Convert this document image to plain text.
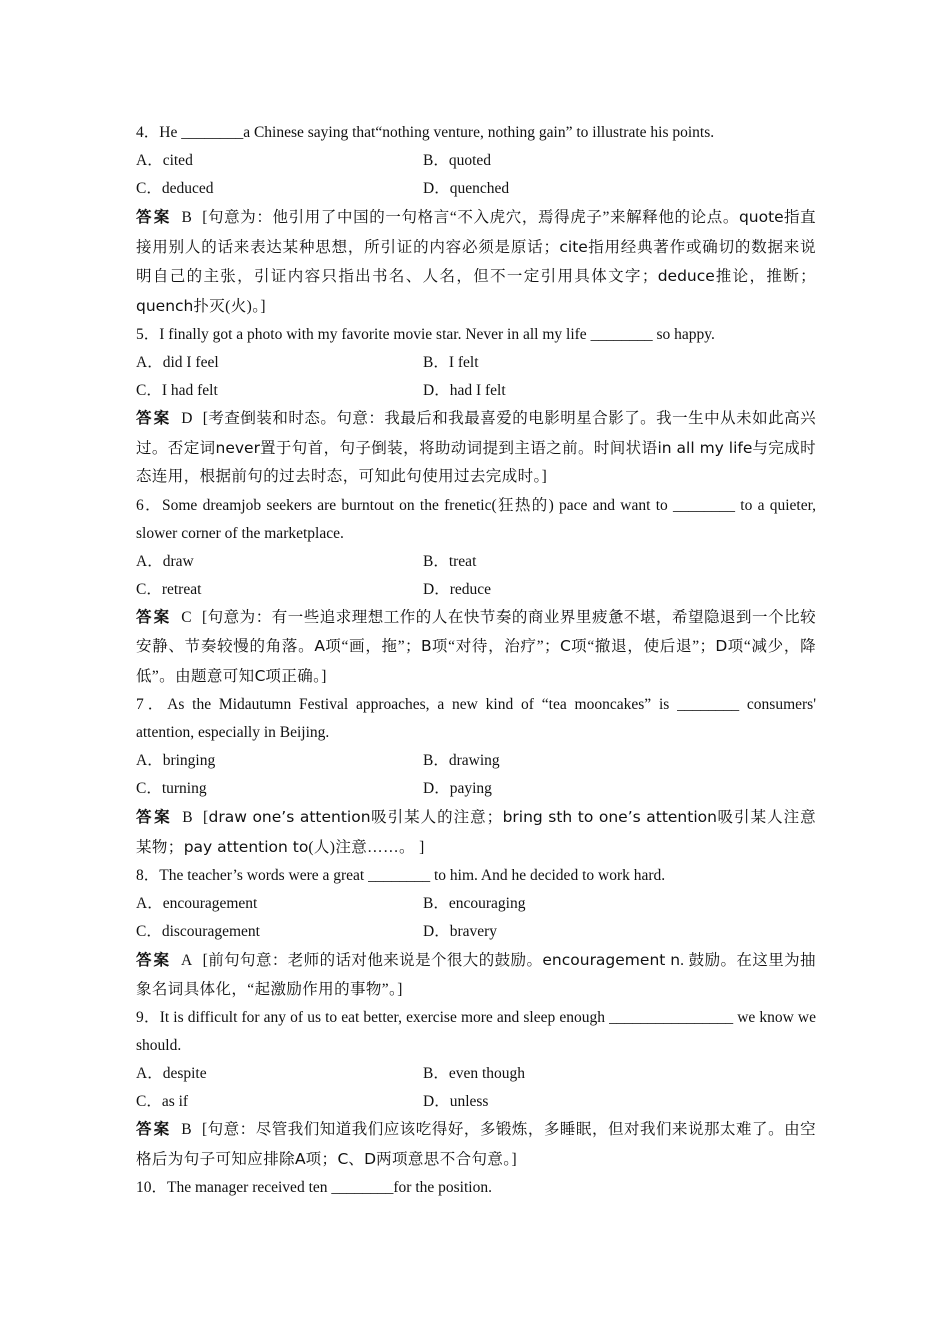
4．He ________a Chinese saying that“nothing venture, nothing gain” to illustrate his points.

A．cited	B．quoted
C．deduced	D．quenched

答案 B [句意为：他引用了中国的一句格言“不入虎穴，焉得虎子”来解释他的论点。quote指直接用别人的话来表达某种思想，所引证的内容必须是原话；cite指用经典著作或确切的数据来说明自己的主张，引证内容只指出书名、人名，但不一定引用具体文字；deduce推论，推断；quench扑灭(火)。]

5．I finally got a photo with my favorite movie star. Never in all my life ________ so happy.

A．did I feel	B．I felt
C．I had felt	D．had I felt

答案 D [考查倒装和时态。句意：我最后和我最喜爱的电影明星合影了。我一生中从未如此高兴过。否定词never置于句首，句子倒装，将助动词提到主语之前。时间状语in all my life与完成时态连用，根据前句的过去时态，可知此句使用过去完成时。]

6．Some dreamjob seekers are burntout on the frenetic(狂热的) pace and want to ________ to a quieter, slower corner of the marketplace.

A．draw	B．treat
C．retreat	D．reduce

答案 C [句意为：有一些追求理想工作的人在快节奏的商业界里疲惫不堪，希望隐退到一个比较安静、节奏较慢的角落。A项“画，拖”；B项“对待，治疗”；C项“撤退，使后退”；D项“减少，降低”。由题意可知C项正确。]

7．As the Midautumn Festival approaches, a new kind of “tea mooncakes” is ________ consumers' attention, especially in Beijing.

A．bringing	B．drawing
C．turning	D．paying

答案 B [draw one’s attention吸引某人的注意；bring sth to one’s attention吸引某人注意某物；pay attention to(人)注意……。 ]

8．The teacher’s words were a great ________ to him. And he decided to work hard.

A．encouragement	B．encouraging
C．discouragement	D．bravery

答案 A [前句句意：老师的话对他来说是个很大的鼓励。encouragement n. 鼓励。在这里为抽象名词具体化，“起激励作用的事物”。]

9．It is difficult for any of us to eat better, exercise more and sleep enough ________________ we know we should.

A．despite	B．even though
C．as if	D．unless

答案 B [句意：尽管我们知道我们应该吃得好，多锻炼，多睡眠，但对我们来说那太难了。由空格后为句子可知应排除A项；C、D两项意思不合句意。]

10．The manager received ten ________for the position.
